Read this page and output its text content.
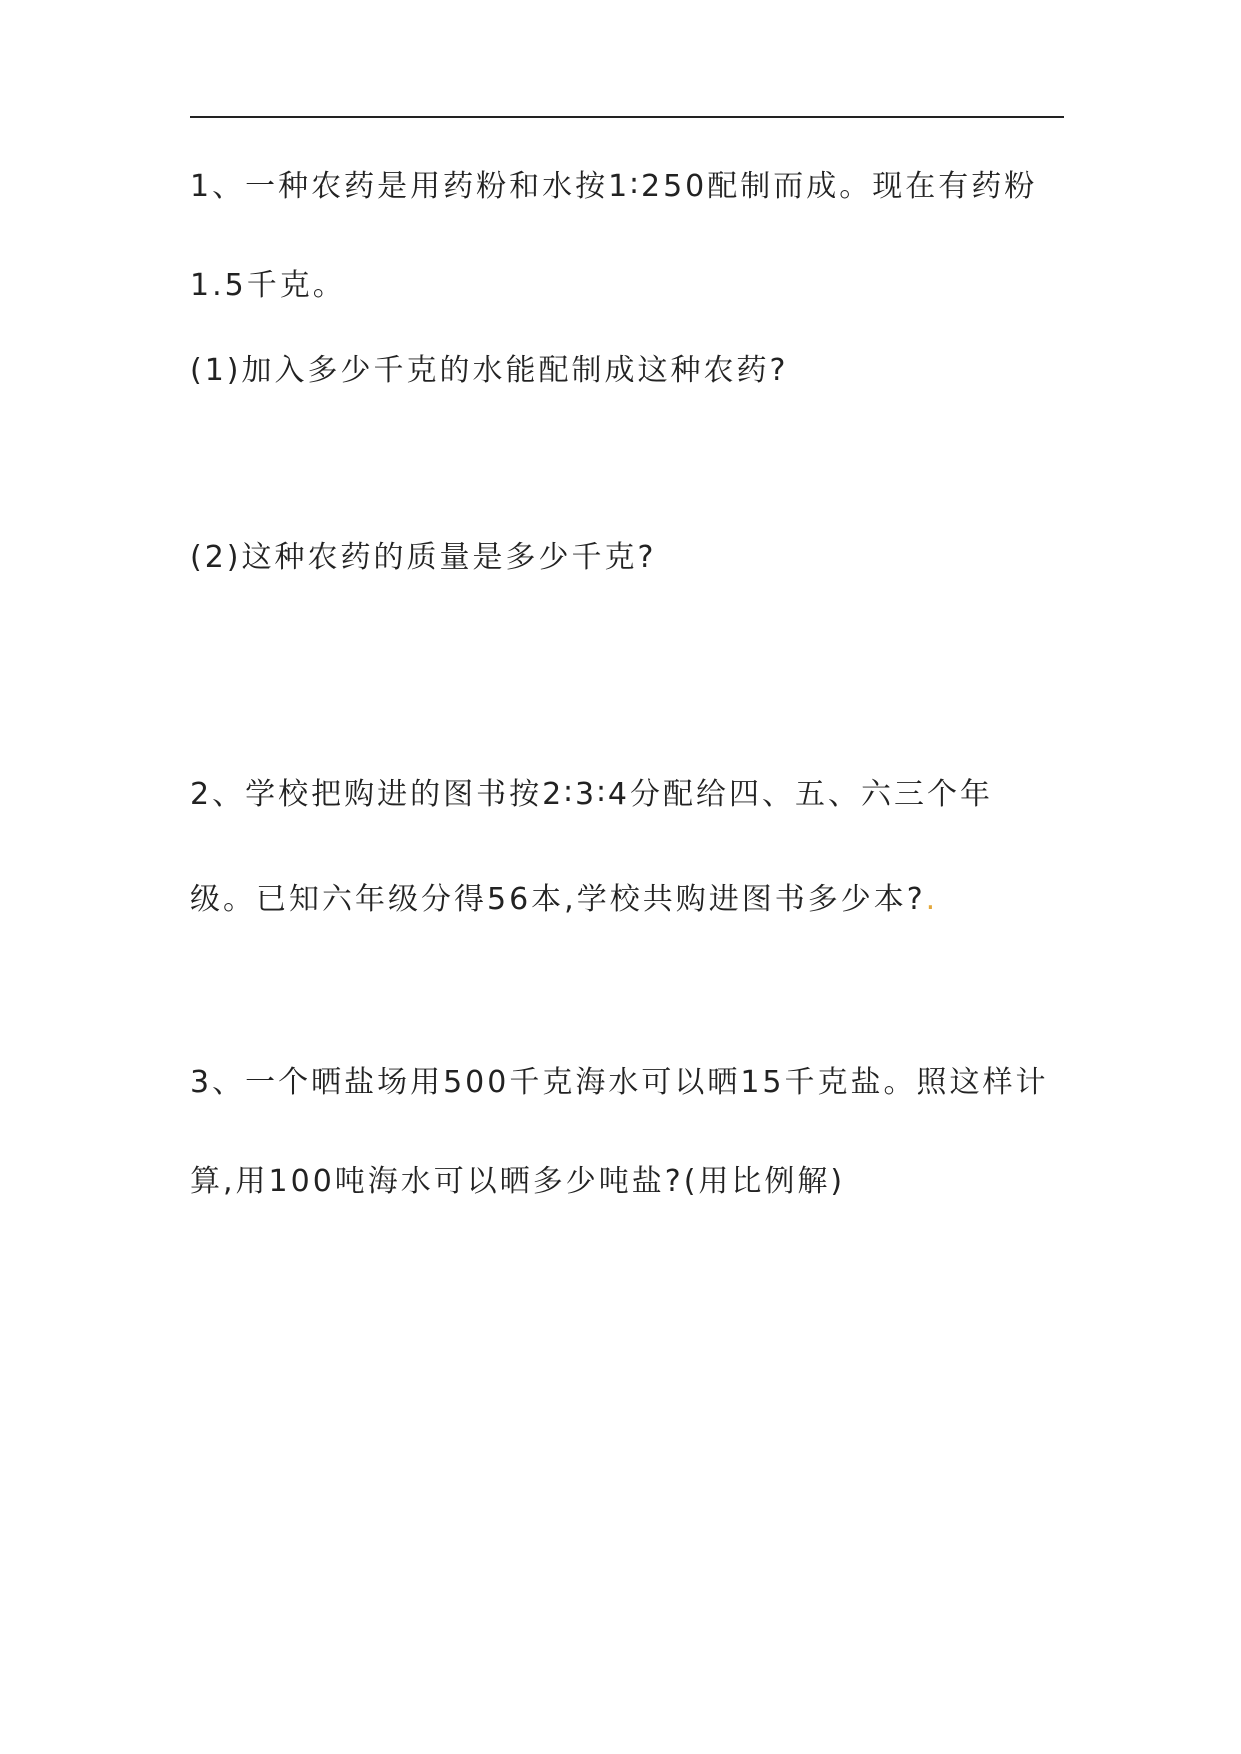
1、一种农药是用药粉和水按1∶250配制而成。现在有药粉
1.5千克。
(1)加入多少千克的水能配制成这种农药?
(2)这种农药的质量是多少千克?
2、学校把购进的图书按2∶3∶4分配给四、五、六三个年
级。已知六年级分得56本,学校共购进图书多少本?.
3、一个晒盐场用500千克海水可以晒15千克盐。照这样计
算,用100吨海水可以晒多少吨盐?(用比例解)
